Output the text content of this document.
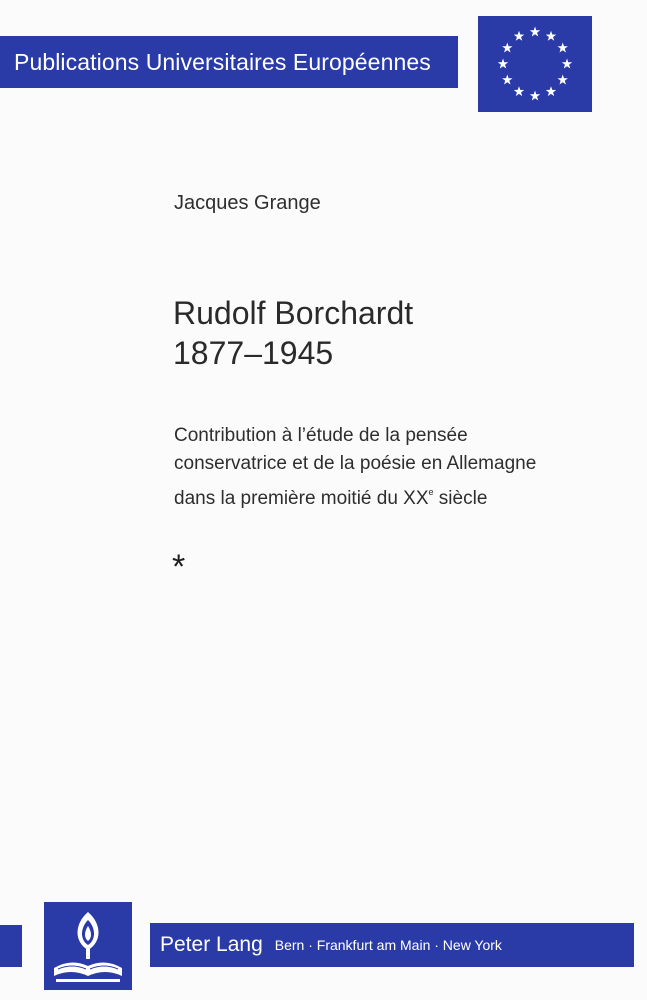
Publications Universitaires Européennes
Jacques Grange
Rudolf Borchardt
1877–1945
Contribution à l’étude de la pensée
conservatrice et de la poésie en Allemagne
dans la première moitié du XXe siècle
*
Peter Lang Bern · Frankfurt am Main · New York
